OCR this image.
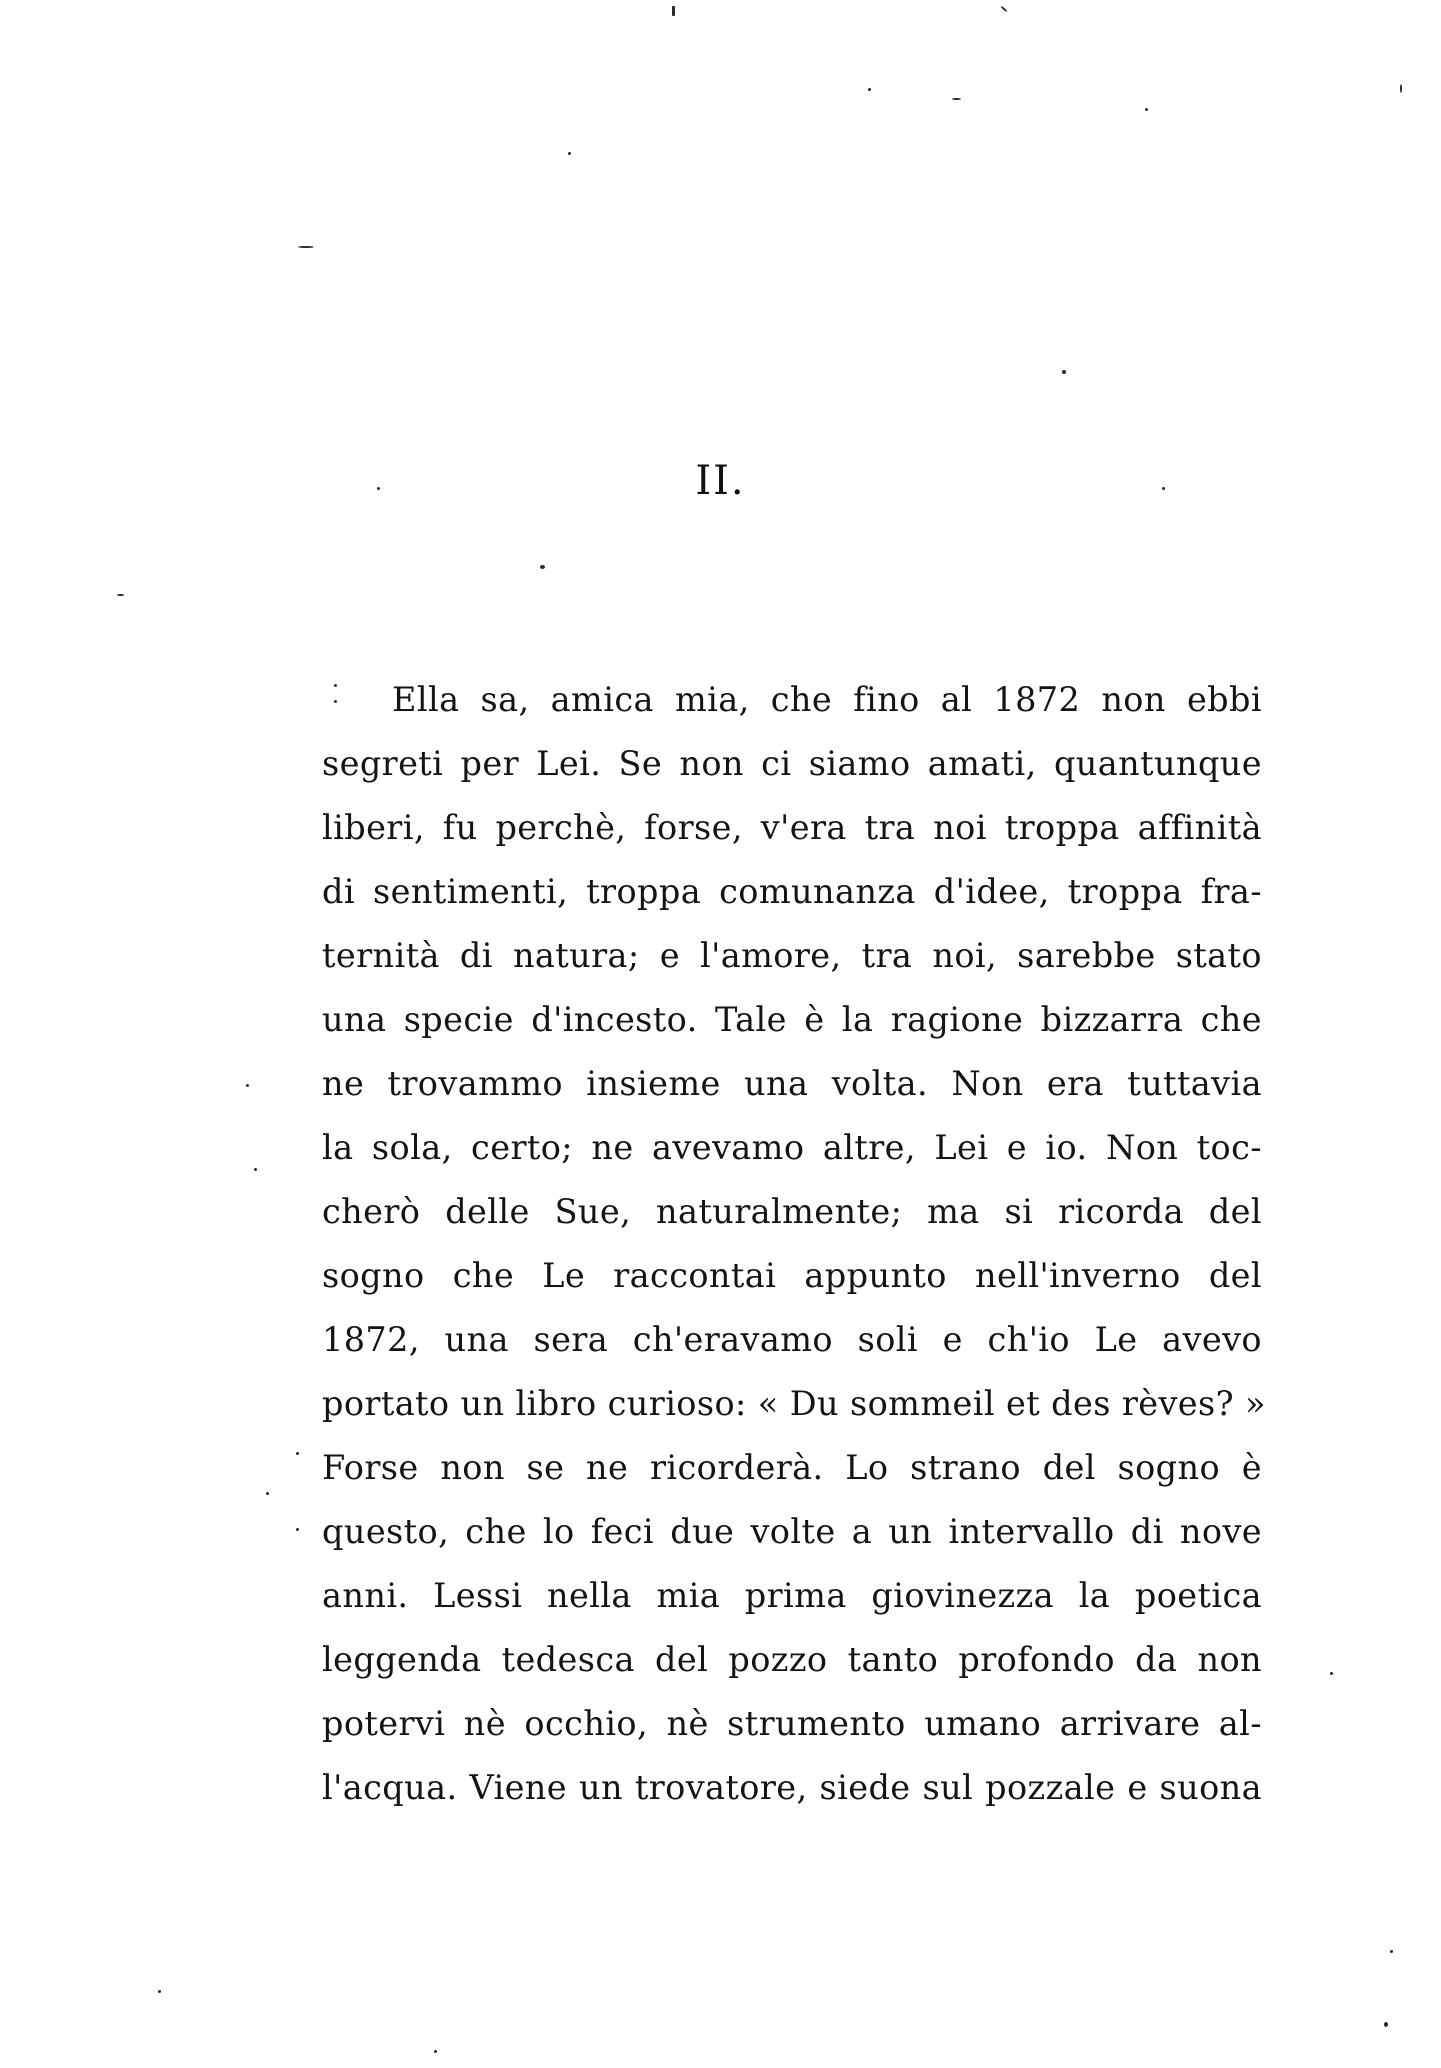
II.
Ella sa, amica mia, che fino al 1872 non ebbi
segreti per Lei. Se non ci siamo amati, quantunque
liberi, fu perchè, forse, v'era tra noi troppa affinità
di sentimenti, troppa comunanza d'idee, troppa fra-
ternità di natura; e l'amore, tra noi, sarebbe stato
una specie d'incesto. Tale è la ragione bizzarra che
ne trovammo insieme una volta. Non era tuttavia
la sola, certo; ne avevamo altre, Lei e io. Non toc-
cherò delle Sue, naturalmente; ma si ricorda del
sogno che Le raccontai appunto nell'inverno del
1872, una sera ch'eravamo soli e ch'io Le avevo
portato un libro curioso: « Du sommeil et des rèves? »
Forse non se ne ricorderà. Lo strano del sogno è
questo, che lo feci due volte a un intervallo di nove
anni. Lessi nella mia prima giovinezza la poetica
leggenda tedesca del pozzo tanto profondo da non
potervi nè occhio, nè strumento umano arrivare al-
l'acqua. Viene un trovatore, siede sul pozzale e suona
